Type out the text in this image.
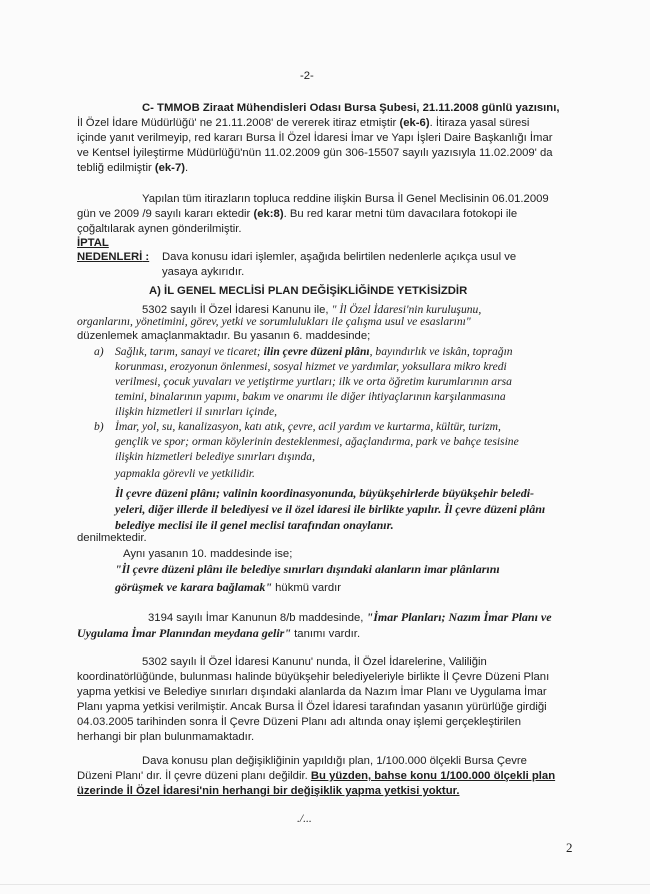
-2-
C- TMMOB Ziraat Mühendisleri Odası Bursa Şubesi, 21.11.2008 günlü yazısını,
İl Özel İdare Müdürlüğü' ne 21.11.2008' de vererek itiraz etmiştir (ek-6). İtiraza yasal süresi
içinde yanıt verilmeyip, red kararı Bursa İl Özel İdaresi İmar ve Yapı İşleri Daire Başkanlığı İmar
ve Kentsel İyileştirme Müdürlüğü'nün 11.02.2009 gün 306-15507 sayılı yazısıyla 11.02.2009' da
tebliğ edilmiştir (ek-7).
Yapılan tüm itirazların topluca reddine ilişkin Bursa İl Genel Meclisinin 06.01.2009
gün ve 2009 /9 sayılı kararı ektedir (ek:8). Bu red karar metni tüm davacılara fotokopi ile
çoğaltılarak aynen gönderilmiştir.
İPTAL
NEDENLERİ : Dava konusu idari işlemler, aşağıda belirtilen nedenlerle açıkça usul ve
yasaya aykırıdır.
A) İL GENEL MECLİSİ PLAN DEĞİŞİKLİĞİNDE YETKİSİZDİR
5302 sayılı İl Özel İdaresi Kanunu ile, " İl Özel İdaresi'nin kuruluşunu,
organlarını, yönetimini, görev, yetki ve sorumlulukları ile çalışma usul ve esaslarını"
düzenlemek amaçlanmaktadır. Bu yasanın 6. maddesinde;
a) Sağlık, tarım, sanayi ve ticaret; ilin çevre düzeni plânı, bayındırlık ve iskân, toprağın
korunması, erozyonun önlenmesi, sosyal hizmet ve yardımlar, yoksullara mikro kredi
verilmesi, çocuk yuvaları ve yetiştirme yurtları; ilk ve orta öğretim kurumlarının arsa
temini, binalarının yapımı, bakım ve onarımı ile diğer ihtiyaçlarının karşılanmasına
ilişkin hizmetleri il sınırları içinde,
b) İmar, yol, su, kanalizasyon, katı atık, çevre, acil yardım ve kurtarma, kültür, turizm,
gençlik ve spor; orman köylerinin desteklenmesi, ağaçlandırma, park ve bahçe tesisine
ilişkin hizmetleri belediye sınırları dışında,
yapmakla görevli ve yetkilidir.
İl çevre düzeni plânı; valinin koordinasyonunda, büyükşehirlerde büyükşehir beledi-
yeleri, diğer illerde il belediyesi ve il özel idaresi ile birlikte yapılır. İl çevre düzeni plânı
belediye meclisi ile il genel meclisi tarafından onaylanır.
denilmektedir.
Aynı yasanın 10. maddesinde ise;
"İl çevre düzeni plânı ile belediye sınırları dışındaki alanların imar plânlarını
görüşmek ve karara bağlamak" hükmü vardır
3194 sayılı İmar Kanunun 8/b maddesinde, "İmar Planları; Nazım İmar Planı ve
Uygulama İmar Planından meydana gelir" tanımı vardır.
5302 sayılı İl Özel İdaresi Kanunu' nunda, İl Özel İdarelerine, Valiliğin
koordinatörlüğünde, bulunması halinde büyükşehir belediyeleriyle birlikte İl Çevre Düzeni Planı
yapma yetkisi ve Belediye sınırları dışındaki alanlarda da Nazım İmar Planı ve Uygulama İmar
Planı yapma yetkisi verilmiştir. Ancak Bursa İl Özel İdaresi tarafından yasanın yürürlüğe girdiği
04.03.2005 tarihinden sonra İl Çevre Düzeni Planı adı altında onay işlemi gerçekleştirilen
herhangi bir plan bulunmamaktadır.
Dava konusu plan değişikliğinin yapıldığı plan, 1/100.000 ölçekli Bursa Çevre
Düzeni Planı' dır. İl çevre düzeni planı değildir. Bu yüzden, bahse konu 1/100.000 ölçekli plan
üzerinde İl Özel İdaresi'nin herhangi bir değişiklik yapma yetkisi yoktur.
./...
2
